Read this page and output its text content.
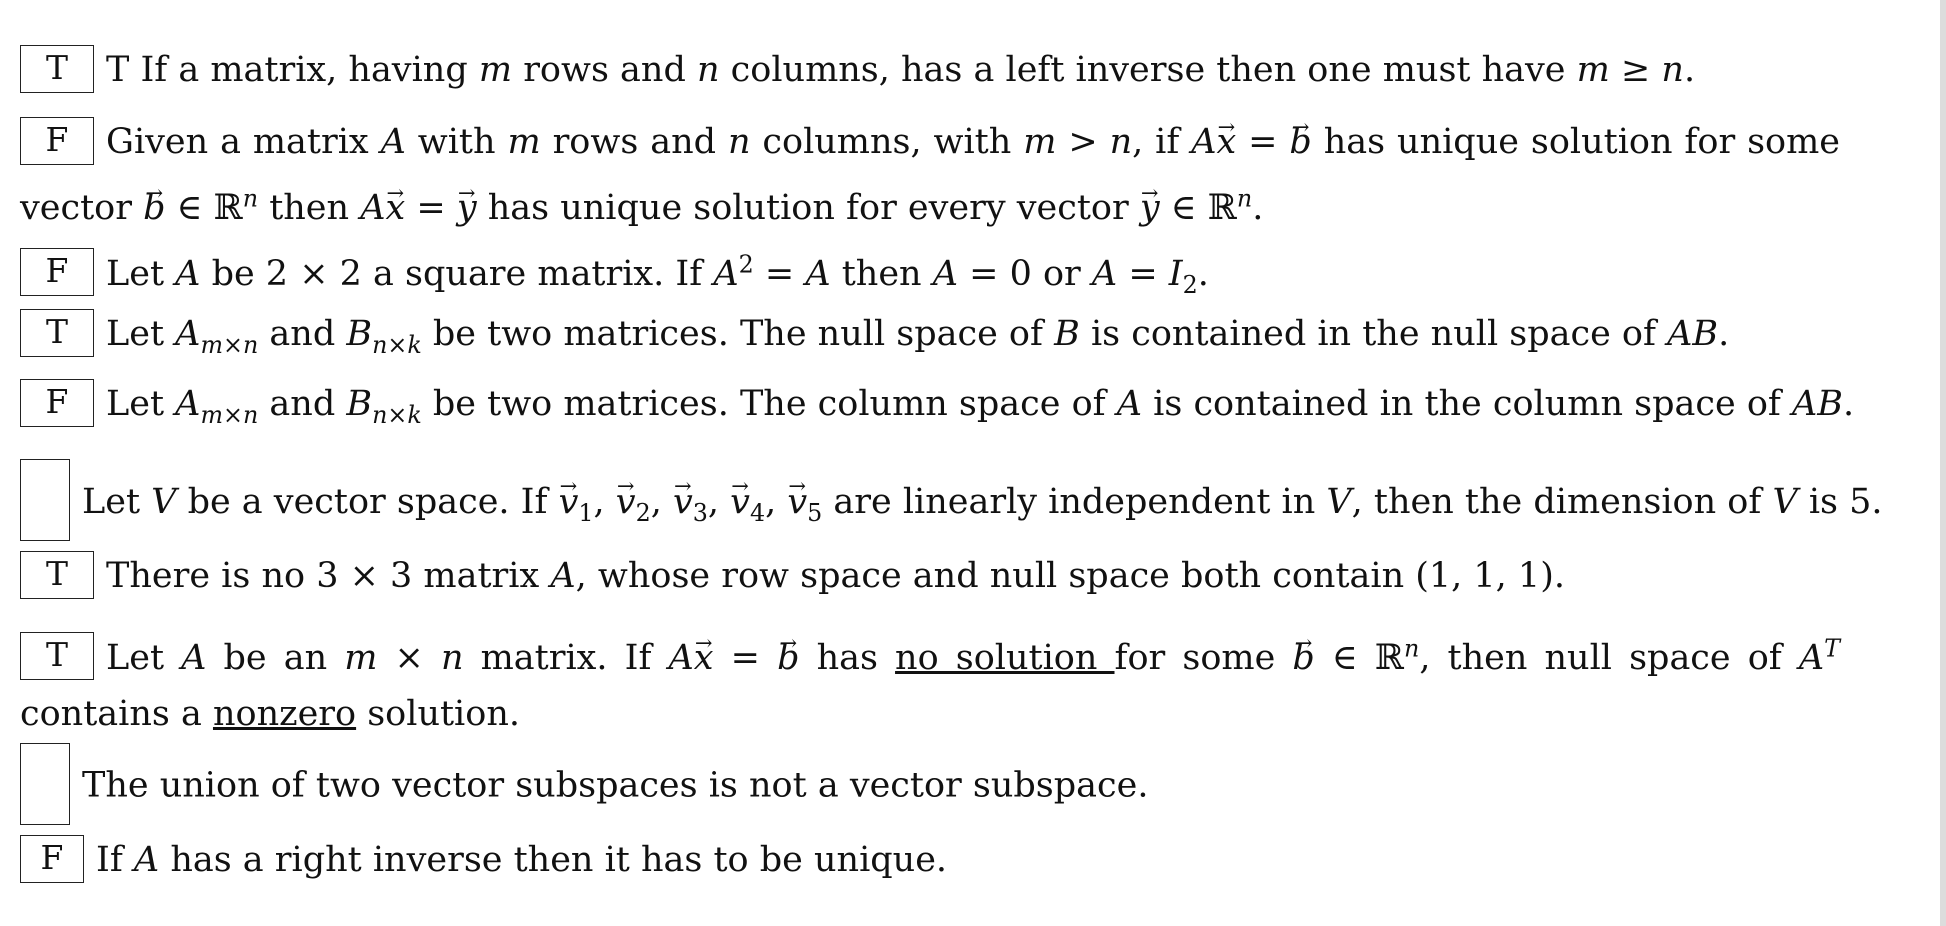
T T If a matrix, having m rows and n columns, has a left inverse then one must have m ≥ n.
F Given a matrix A with m rows and n columns, with m > n, if A→ x = → b has unique solution for some vector → b ∈ ℝ$^n$ then A→ x = → y has unique solution for every vector → y ∈ ℝ$^n$.
F Let A be 2 × 2 a square matrix. If $A^2 = A$ then A = 0 or $A = I_2$.
T Let $A_{m\times n}$ and $B_{n\times k}$ be two matrices. The null space of B is contained in the null space of AB.
F Let $A_{m\times n}$ and $B_{n\times k}$ be two matrices. The column space of A is contained in the column space of AB.
Let V be a vector space. $If \to v_1$, → $v_2$, → $v_3$, → $v_4$, → $v_5$ are linearly independent in V, then the dimension of V is 5.
T There is no 3 × 3 matrix A, whose row space and null space both contain (1, 1, 1).
T Let A be an m × n matrix. If A→ x = → b has no solution for some → b ∈ ℝ$^n$, then null space of $A^T$ contains a nonzero solution.
The union of two vector subspaces is not a vector subspace.
F If A has a right inverse then it has to be unique.
